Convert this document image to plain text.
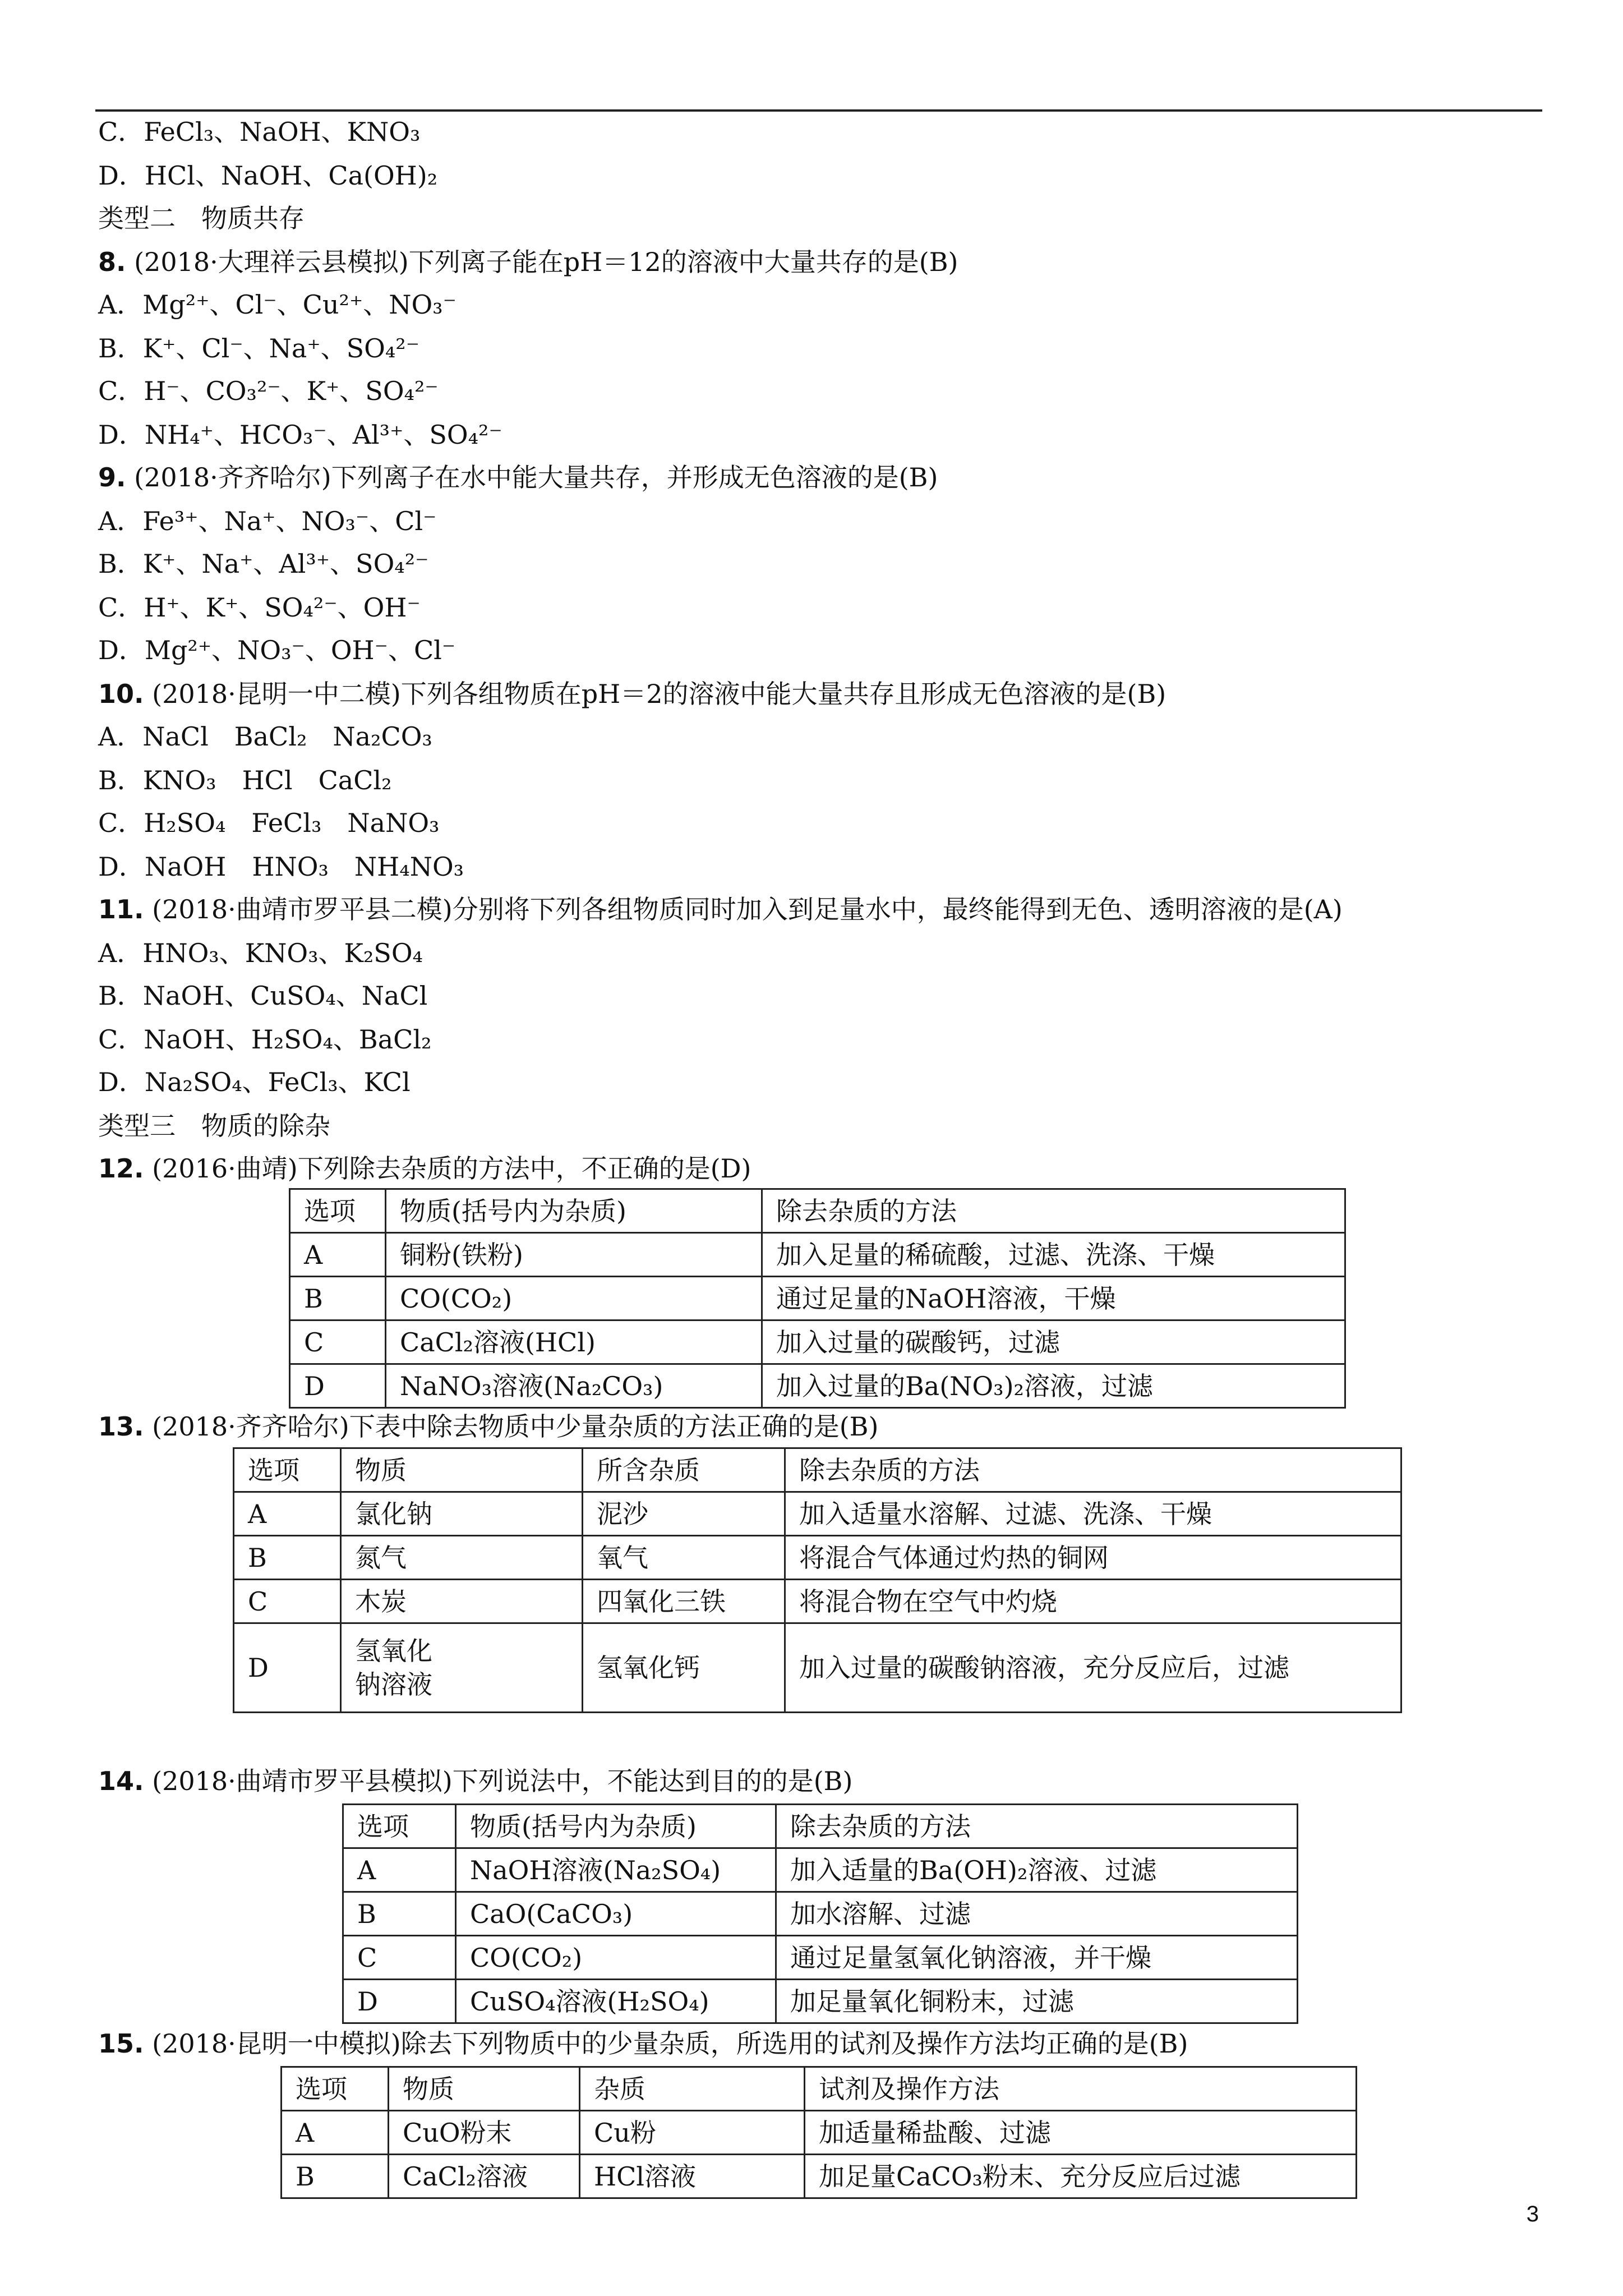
C．FeCl₃、NaOH、KNO₃
D．HCl、NaOH、Ca(OH)₂
类型二　物质共存
8. (2018·大理祥云县模拟)下列离子能在pH＝12的溶液中大量共存的是(B)
A．Mg²⁺、Cl⁻、Cu²⁺、NO₃⁻
B．K⁺、Cl⁻、Na⁺、SO₄²⁻
C．H⁻、CO₃²⁻、K⁺、SO₄²⁻
D．NH₄⁺、HCO₃⁻、Al³⁺、SO₄²⁻
9. (2018·齐齐哈尔)下列离子在水中能大量共存，并形成无色溶液的是(B)
A．Fe³⁺、Na⁺、NO₃⁻、Cl⁻
B．K⁺、Na⁺、Al³⁺、SO₄²⁻
C．H⁺、K⁺、SO₄²⁻、OH⁻
D．Mg²⁺、NO₃⁻、OH⁻、Cl⁻
10. (2018·昆明一中二模)下列各组物质在pH＝2的溶液中能大量共存且形成无色溶液的是(B)
A．NaCl　BaCl₂　Na₂CO₃
B．KNO₃　HCl　CaCl₂
C．H₂SO₄　FeCl₃　NaNO₃
D．NaOH　HNO₃　NH₄NO₃
11. (2018·曲靖市罗平县二模)分别将下列各组物质同时加入到足量水中，最终能得到无色、透明溶液的是(A)
A．HNO₃、KNO₃、K₂SO₄
B．NaOH、CuSO₄、NaCl
C．NaOH、H₂SO₄、BaCl₂
D．Na₂SO₄、FeCl₃、KCl
类型三　物质的除杂
12. (2016·曲靖)下列除去杂质的方法中，不正确的是(D)
选项	物质(括号内为杂质)	除去杂质的方法
A	铜粉(铁粉)	加入足量的稀硫酸，过滤、洗涤、干燥
B	CO(CO₂)	通过足量的NaOH溶液，干燥
C	CaCl₂溶液(HCl)	加入过量的碳酸钙，过滤
D	NaNO₃溶液(Na₂CO₃)	加入过量的Ba(NO₃)₂溶液，过滤
13. (2018·齐齐哈尔)下表中除去物质中少量杂质的方法正确的是(B)
选项	物质	所含杂质	除去杂质的方法
A	氯化钠	泥沙	加入适量水溶解、过滤、洗涤、干燥
B	氮气	氧气	将混合气体通过灼热的铜网
C	木炭	四氧化三铁	将混合物在空气中灼烧
D	氢氧化钠溶液	氢氧化钙	加入过量的碳酸钠溶液，充分反应后，过滤
14. (2018·曲靖市罗平县模拟)下列说法中，不能达到目的的是(B)
选项	物质(括号内为杂质)	除去杂质的方法
A	NaOH溶液(Na₂SO₄)	加入适量的Ba(OH)₂溶液、过滤
B	CaO(CaCO₃)	加水溶解、过滤
C	CO(CO₂)	通过足量氢氧化钠溶液，并干燥
D	CuSO₄溶液(H₂SO₄)	加足量氧化铜粉末，过滤
15. (2018·昆明一中模拟)除去下列物质中的少量杂质，所选用的试剂及操作方法均正确的是(B)
选项	物质	杂质	试剂及操作方法
A	CuO粉末	Cu粉	加适量稀盐酸、过滤
B	CaCl₂溶液	HCl溶液	加足量CaCO₃粉末、充分反应后过滤
3
